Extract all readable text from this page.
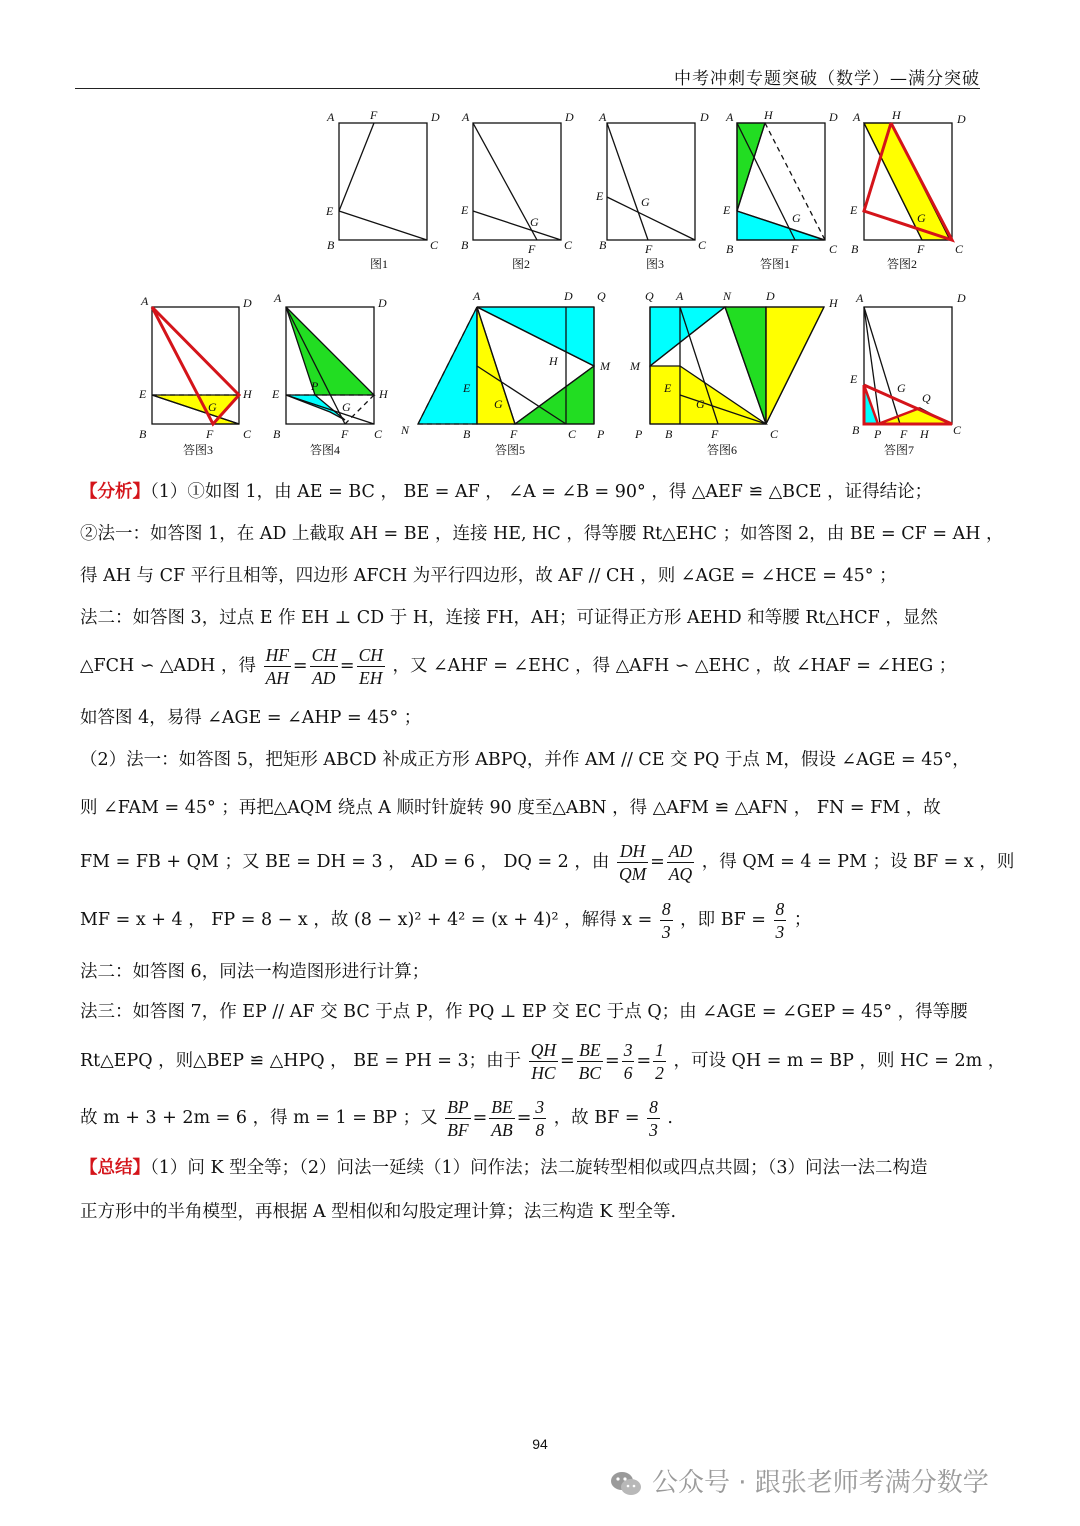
中考冲刺专题突破（数学）—满分突破
A	F	D
E
B	C
A	D
E
G
B	F C
A	D
E	G
B	F	C
A	H	D
E
G
B	F	C
A	H	D
E
G
B	F	C
A	D
E	H
G
B	F C
A	D
E
P
H
G
B	F C
A	D Q
H	M
E
G
N	B	F	C P
Q A	N	D	H
M
E
G
P B	F	C
A	D
E
G
Q
B P F H C
图1	图2	图3	答图1	答图2
答图3	答图4	答图5	答图6	答图7
【分析】（1）①如图 1，由 AE = BC ， BE = AF ， ∠A = ∠B = 90° ，得 △AEF ≌ △BCE ，证得结论；
②法一：如答图 1，在 AD 上截取 AH = BE ，连接 HE, HC ，得等腰 Rt△EHC ；如答图 2，由 BE = CF = AH ，
得 AH 与 CF 平行且相等，四边形 AFCH 为平行四边形，故 AF // CH ，则 ∠AGE = ∠HCE = 45° ；
法二：如答图 3，过点 E 作 EH ⊥ CD 于 H，连接 FH，AH；可证得正方形 AEHD 和等腰 Rt△HCF ，显然
△FCH ∽ △ADH ，得 $\frac{HF}{AH} = \frac{CH}{AD} = \frac{CH}{EH}$ ，又 ∠AHF = ∠EHC ，得 △AFH ∽ △EHC ，故 ∠HAF = ∠HEG ；
如答图 4，易得 ∠AGE = ∠AHP = 45° ；
（2）法一：如答图 5，把矩形 ABCD 补成正方形 ABPQ，并作 AM // CE 交 PQ 于点 M，假设 ∠AGE = 45°，
则 ∠FAM = 45° ；再把△AQM 绕点 A 顺时针旋转 90 度至△ABN ，得 △AFM ≌ △AFN ， FN = FM ，故
FM = FB + QM ；又 BE = DH = 3 ， AD = 6 ， DQ = 2 ，由 $\frac{DH}{QM} = \frac{AD}{AQ}$ ，得 QM = 4 = PM ；设 BF = x ，则
MF = x + 4 ， FP = 8 − x ，故 (8 − x)² + 4² = (x + 4)² ，解得 $x = \frac{8}{3}$ ，即 BF = $\frac{8}{3}$ ；
法二：如答图 6，同法一构造图形进行计算；
法三：如答图 7，作 EP // AF 交 BC 于点 P，作 PQ ⊥ EP 交 EC 于点 Q；由 ∠AGE = ∠GEP = 45° ，得等腰
Rt△EPQ ，则△BEP ≌ △HPQ ， BE = PH = 3；由于 $\frac{QH}{HC} = \frac{BE}{BC} = \frac{3}{6} = \frac{1}{2}$ ，可设 QH = m = BP ，则 HC = 2m ，
故 m + 3 + 2m = 6 ，得 m = 1 = BP ；又 $\frac{BP}{BF} = \frac{BE}{AB} = \frac{3}{8}$ ，故 BF = $\frac{8}{3}$ .
【总结】（1）问 K 型全等；（2）问法一延续（1）问作法；法二旋转型相似或四点共圆；（3）问法一法二构造
正方形中的半角模型，再根据 A 型相似和勾股定理计算；法三构造 K 型全等.
94
公众号 · 跟张老师考满分数学
